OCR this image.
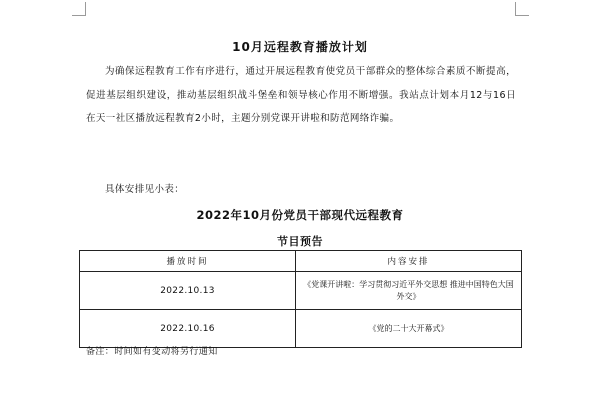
10月远程教育播放计划
为确保远程教育工作有序进行，通过开展远程教育使党员干部群众的整体综合素质不断提高，促进基层组织建设，推动基层组织战斗堡垒和领导核心作用不断增强。我站点计划本月12与16日在天一社区播放远程教育2小时，主题分别党课开讲啦和防范网络诈骗。
具体安排见小表：
2022年10月份党员干部现代远程教育
节目预告
播放时间	内容安排
2022.10.13	《党课开讲啦：学习贯彻习近平外交思想 推进中国特色大国外交》
2022.10.16	《党的二十大开幕式》
备注：时间如有变动将另行通知
